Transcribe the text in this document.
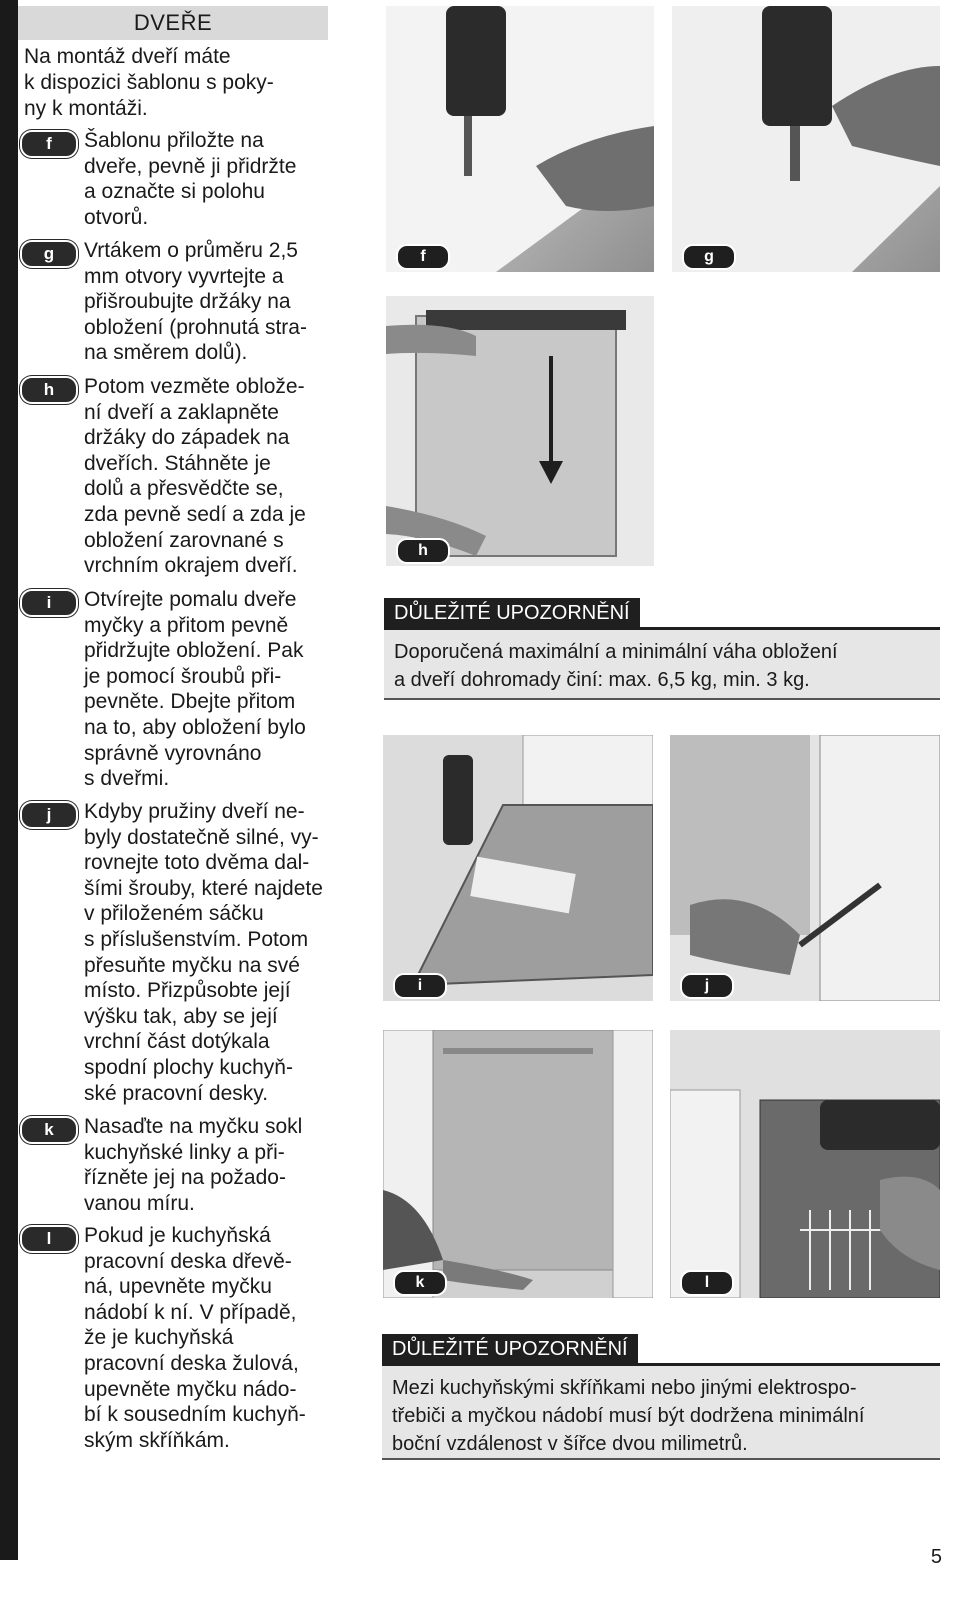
DVEŘE
Na montáž dveří máte
k dispozici šablonu s poky-
ny k montáži.
f	Šablonu přiložte na
dveře, pevně ji přidržte
a označte si polohu
otvorů.
g	Vrtákem o průměru 2,5
mm otvory vyvrtejte a
přišroubujte držáky na
obložení (prohnutá stra-
na směrem dolů).
h	Potom vezměte oblože-
ní dveří a zaklapněte
držáky do západek na
dveřích. Stáhněte je
dolů a přesvědčte se,
zda pevně sedí a zda je
obložení zarovnané s
vrchním okrajem dveří.
i	Otvírejte pomalu dveře
myčky a přitom pevně
přidržujte obložení. Pak
je pomocí šroubů při-
pevněte. Dbejte přitom
na to, aby obložení bylo
správně vyrovnáno
s dveřmi.
j	Kdyby pružiny dveří ne-
byly dostatečně silné, vy-
rovnejte toto dvěma dal-
šími šrouby, které najdete
v přiloženém sáčku
s příslušenstvím. Potom
přesuňte myčku na své
místo. Přizpůsobte její
výšku tak, aby se její
vrchní část dotýkala
spodní plochy kuchyň-
ské pracovní desky.
k	Nasaďte na myčku sokl
kuchyňské linky a při-
řízněte jej na požado-
vanou míru.
l	Pokud je kuchyňská
pracovní deska dřevě-
ná, upevněte myčku
nádobí k ní. V případě,
že je kuchyňská
pracovní deska žulová,
upevněte myčku nádo-
bí k sousedním kuchyň-
ským skříňkám.
f	g
h
i	j
k	l
DŮLEŽITÉ UPOZORNĚNÍ
Doporučená maximální a minimální váha obložení
a dveří dohromady činí: max. 6,5 kg, min. 3 kg.
DŮLEŽITÉ UPOZORNĚNÍ
Mezi kuchyňskými skříňkami nebo jinými elektrospo-
třebiči a myčkou nádobí musí být dodržena minimální
boční vzdálenost v šířce dvou milimetrů.
5
